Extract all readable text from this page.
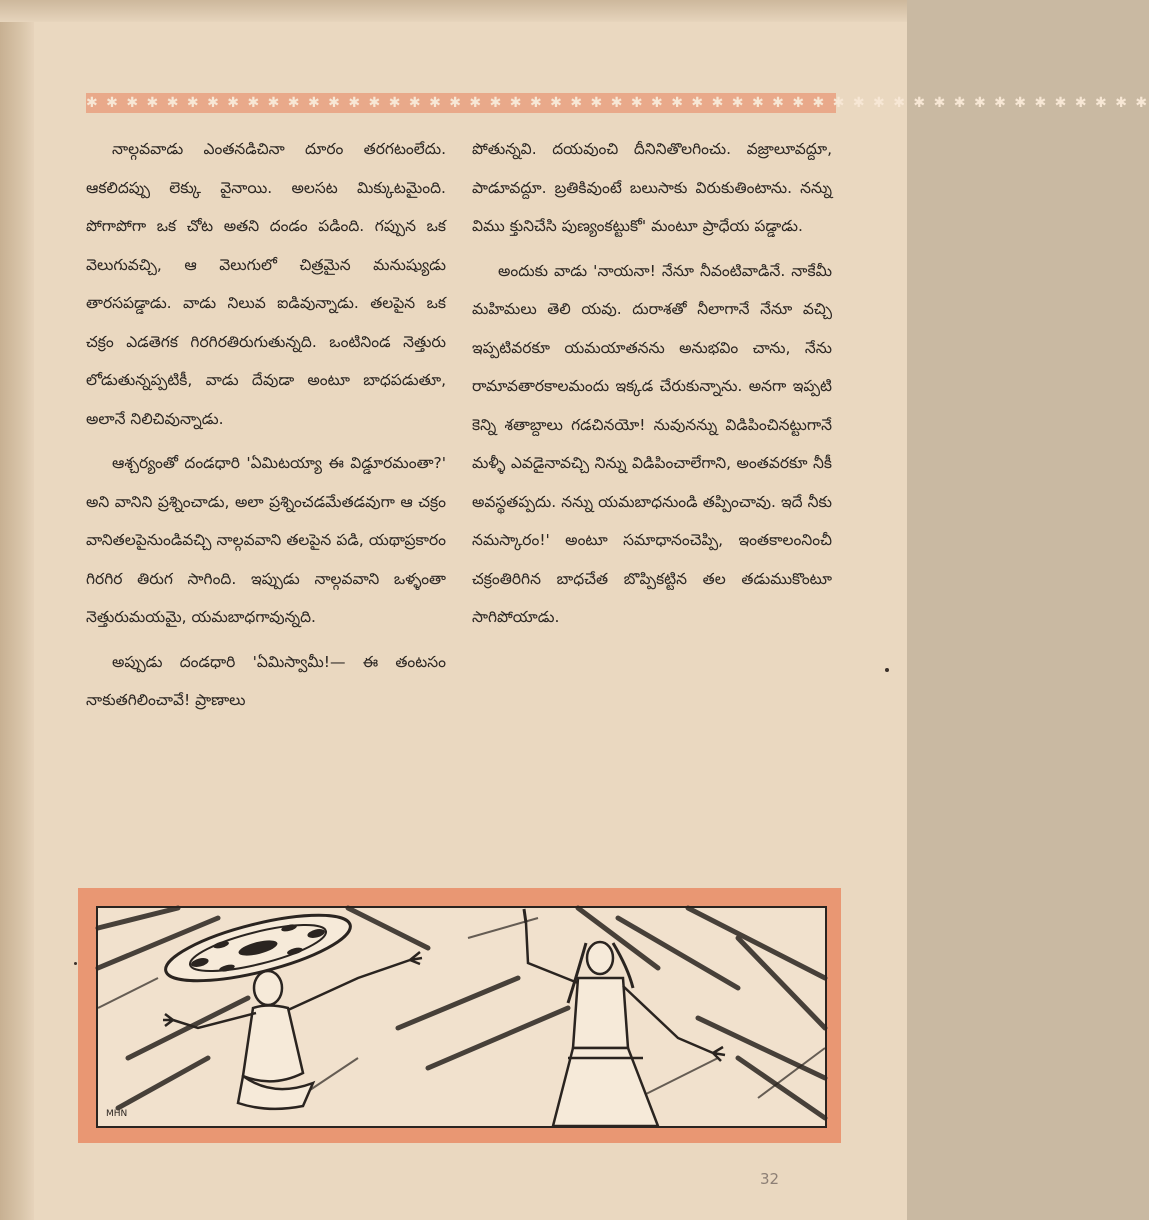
✱ ✱ ✱ ✱ ✱ ✱ ✱ ✱ ✱ ✱ ✱ ✱ ✱ ✱ ✱ ✱ ✱ ✱ ✱ ✱ ✱ ✱ ✱ ✱ ✱ ✱ ✱ ✱ ✱ ✱ ✱ ✱ ✱ ✱ ✱ ✱ ✱ ✱ ✱ ✱ ✱ ✱ ✱ ✱ ✱ ✱ ✱ ✱ ✱ ✱ ✱ ✱ ✱

నాల్గవవాడు ఎంతనడిచినా దూరం తరగటంలేదు. ఆకలిదప్పు లెక్కు వైనాయి. అలసట మిక్కుటమైంది. పోగాపోగా ఒక చోట అతని దండం పడింది. గప్పున ఒక వెలుగువచ్చి, ఆ వెలుగులో చిత్రమైన మనుష్యుడు తారసపడ్డాడు. వాడు నిలువ ఐడివున్నాడు. తలపైన ఒక చక్రం ఎడతెగక గిరగిరతిరుగుతున్నది. ఒంటినిండ నెత్తురు లోడుతున్నప్పటికీ, వాడు దేవుడా అంటూ బాధపడుతూ, అలానే నిలిచివున్నాడు.

ఆశ్చర్యంతో దండధారి 'ఏమిటయ్యా ఈ విడ్డూరమంతా?' అని వానిని ప్రశ్నించాడు, అలా ప్రశ్నించడమేతడవుగా ఆ చక్రం వానితలపైనుండివచ్చి నాల్గవవాని తలపైన పడి, యథాప్రకారం గిరగిర తిరుగ సాగింది. ఇప్పుడు నాల్గవవాని ఒళ్ళంతా నెత్తురుమయమై, యమబాధగావున్నది.

అప్పుడు దండధారి 'ఏమిస్వామీ!— ఈ తంటసం నాకుతగిలించావే! ప్రాణాలు

పోతున్నవి. దయవుంచి దీనినితొలగించు. వజ్రాలూవద్దూ, పాడూవద్దూ. బ్రతికివుంటే బలుసాకు విరుకుతింటాను. నన్ను విము క్తునిచేసి పుణ్యంకట్టుకో' మంటూ ప్రాధేయ పడ్డాడు.

అందుకు వాడు 'నాయనా! నేనూ నీవంటివాడినే. నాకేమీ మహిమలు తెలి యవు. దురాశతో నీలాగానే నేనూ వచ్చి ఇప్పటివరకూ యమయాతనను అనుభవిం చాను, నేను రామావతారకాలమందు ఇక్కడ చేరుకున్నాను. అనగా ఇప్పటి కెన్ని శతాబ్దాలు గడచినయో! నువునన్ను విడిపించినట్టుగానే మళ్ళీ ఎవడైనావచ్చి నిన్ను విడిపించాలేగాని, అంతవరకూ నీకీ అవస్థతప్పదు. నన్ను యమబాధనుండి తప్పించావు. ఇదే నీకు నమస్కారం!' అంటూ సమాధానంచెప్పి, ఇంతకాలంనించీ చక్రంతిరిగిన బాధచేత బొప్పికట్టిన తల తడుముకొంటూ సాగిపోయాడు.

MHN
32
